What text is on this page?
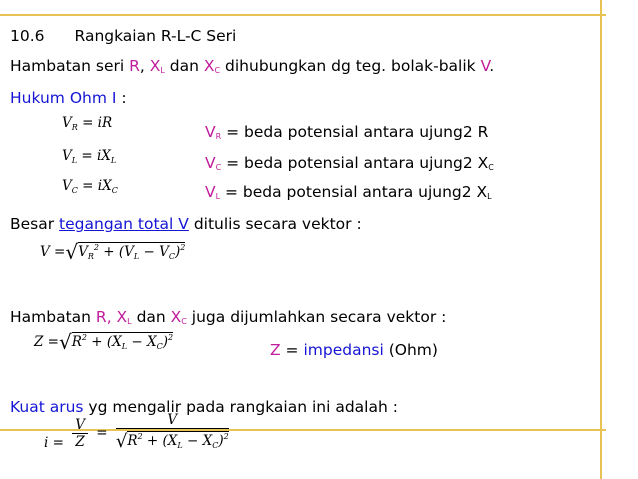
10.6 Rangkaian R-L-C Seri
Hambatan seri R, $X_L$ dan $X_C$ dihubungkan dg teg. bolak-balik V.
Hukum Ohm I :
$V_R$ = iR
$V_L = iX_L$
$V_C = iX_C$
$V_R$ = beda potensial antara ujung2 R
$V_C$ = beda potensial antara ujung2 $X_C$
$V_L$ = beda potensial antara ujung2 $X_L$
Besar tegangan total V ditulis secara vektor :
$V =√V_R^2 + (V_L - V_C)^2$
Hambatan R, $X_L$ dan $X_C$ juga dijumlahkan secara vektor :
$Z =√R^2 + (X_L - X_C)^2$
Z = impedansi (Ohm)
Kuat arus yg mengalir pada rangkaian ini adalah :
$i = \frac{V}{Z} = \frac{V}{√R^2 + (X_L - X_C)^2}$
